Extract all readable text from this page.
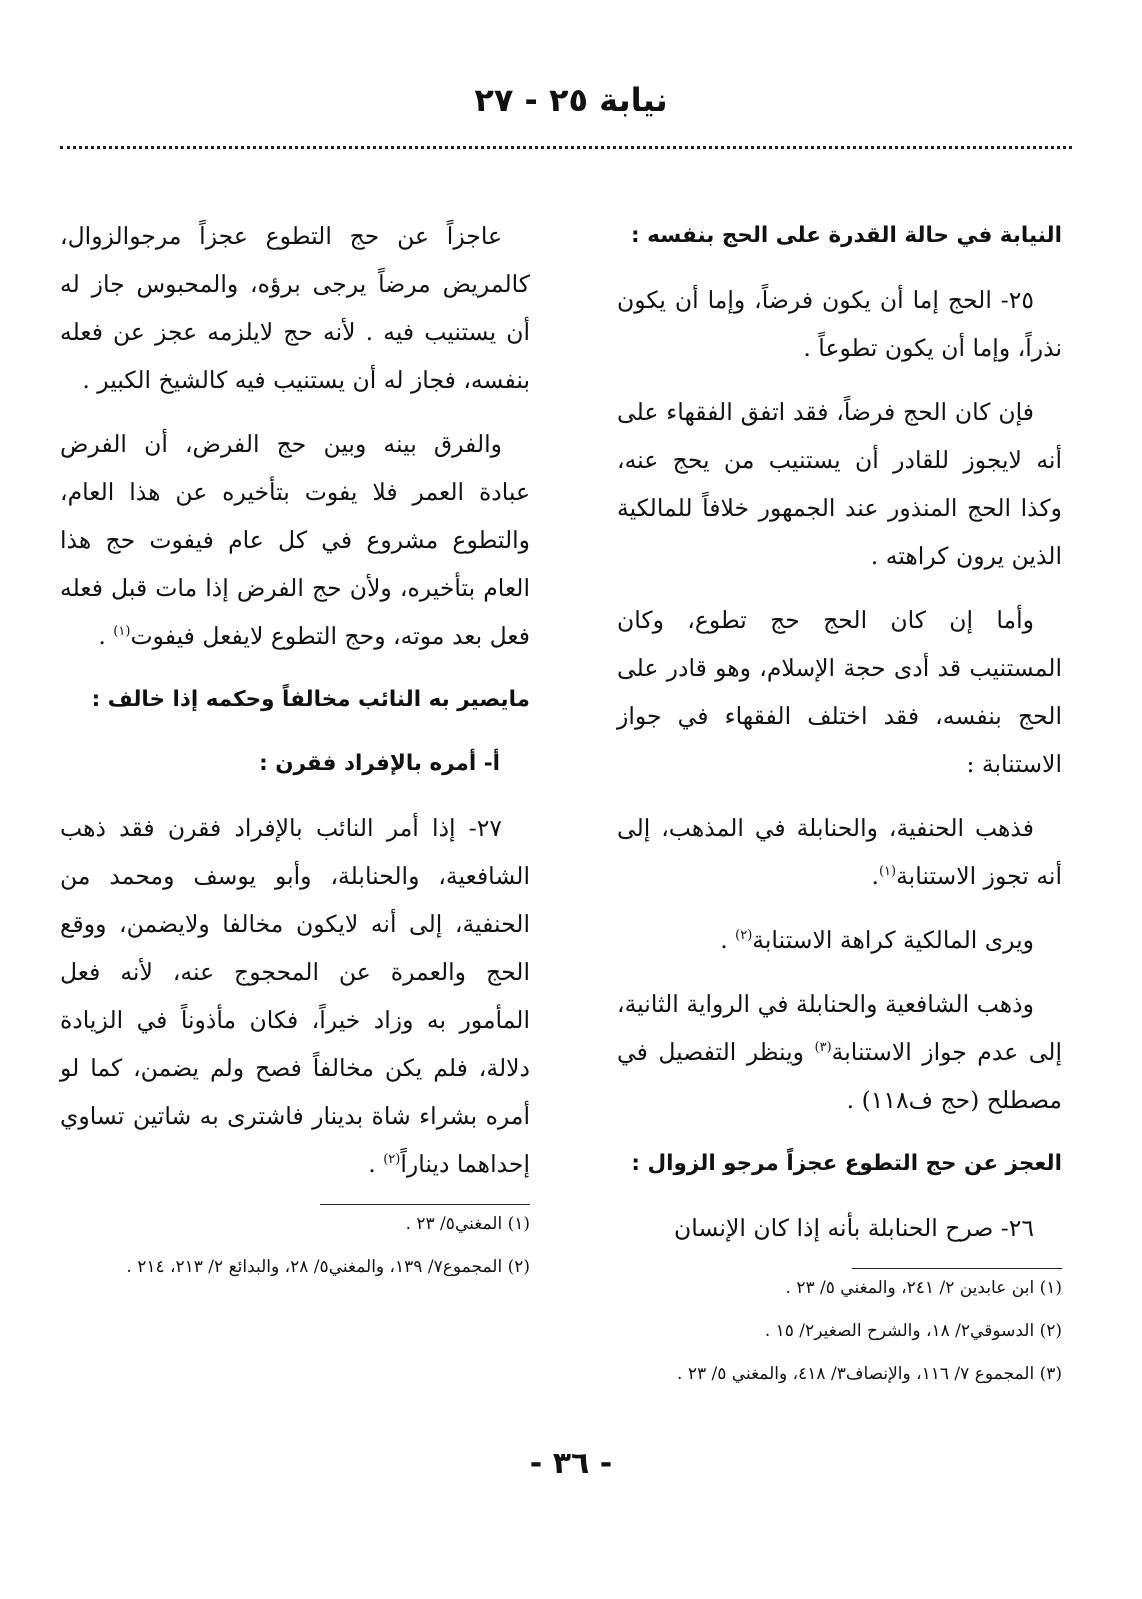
نيابة ٢٥ - ٢٧

النيابة في حالة القدرة على الحج بنفسه :

٢٥- الحج إما أن يكون فرضاً، وإما أن يكون نذراً، وإما أن يكون تطوعاً .

فإن كان الحج فرضاً، فقد اتفق الفقهاء على أنه لايجوز للقادر أن يستنيب من يحج عنه، وكذا الحج المنذور عند الجمهور خلافاً للمالكية الذين يرون كراهته .

وأما إن كان الحج حج تطوع، وكان المستنيب قد أدى حجة الإسلام، وهو قادر على الحج بنفسه، فقد اختلف الفقهاء في جواز الاستنابة :

فذهب الحنفية، والحنابلة في المذهب، إلى أنه تجوز الاستنابة$^{(١)}$.

ويرى المالكية كراهة الاستنابة$^{(٢)}$ .

وذهب الشافعية والحنابلة في الرواية الثانية، إلى عدم جواز الاستنابة$^{(٣)}$ وينظر التفصيل في مصطلح (حج ف١١٨) .

العجز عن حج التطوع عجزاً مرجو الزوال :

٢٦- صرح الحنابلة بأنه إذا كان الإنسان

(١) ابن عابدين ٢/ ٢٤١، والمغني ٥/ ٢٣ .

(٢) الدسوقي٢/ ١٨، والشرح الصغير٢/ ١٥ .

(٣) المجموع ٧/ ١١٦، والإنصاف٣/ ٤١٨، والمغني ٥/ ٢٣ .

عاجزاً عن حج التطوع عجزاً مرجوالزوال، كالمريض مرضاً يرجى برؤه، والمحبوس جاز له أن يستنيب فيه . لأنه حج لايلزمه عجز عن فعله بنفسه، فجاز له أن يستنيب فيه كالشيخ الكبير .

والفرق بينه وبين حج الفرض، أن الفرض عبادة العمر فلا يفوت بتأخيره عن هذا العام، والتطوع مشروع في كل عام فيفوت حج هذا العام بتأخيره، ولأن حج الفرض إذا مات قبل فعله فعل بعد موته، وحج التطوع لايفعل فيفوت$^{(١)}$ .

مايصير به النائب مخالفاً وحكمه إذا خالف :

أ- أمره بالإفراد فقرن :

٢٧- إذا أمر النائب بالإفراد فقرن فقد ذهب الشافعية، والحنابلة، وأبو يوسف ومحمد من الحنفية، إلى أنه لايكون مخالفا ولايضمن، ووقع الحج والعمرة عن المحجوج عنه، لأنه فعل المأمور به وزاد خيراً، فكان مأذوناً في الزيادة دلالة، فلم يكن مخالفاً فصح ولم يضمن، كما لو أمره بشراء شاة بدينار فاشترى به شاتين تساوي إحداهما ديناراً$^{(٢)}$ .

(١) المغني٥/ ٢٣ .

(٢) المجموع٧/ ١٣٩، والمغني٥/ ٢٨، والبدائع ٢/ ٢١٣، ٢١٤ .

- ٣٦ -
